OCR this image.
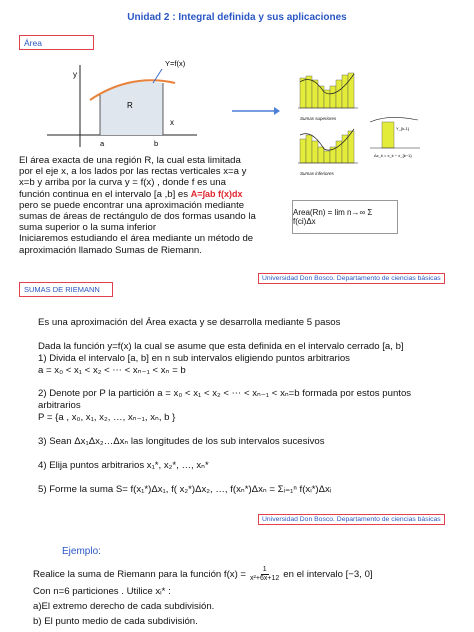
Unidad 2 : Integral definida y sus aplicaciones
Área
y
x
Y=f(x)
R
a	b
Sumas superiores
Sumas inferiores
Y_{k-1}
Δx_k = x_k − x_{k−1}
El área exacta de una región R, la cual esta limitada
por el eje x, a los lados por las rectas verticales x=a y
x=b y arriba por la curva y = f(x) , donde f es una
función continua en el intervalo [a ,b] es A=∫ab f(x)dx
pero se puede encontrar una aproximación mediante
sumas de áreas de rectángulo de dos formas usando la
suma superior o la suma inferior
Iniciaremos estudiando el área mediante un método de
aproximación llamado Sumas de Riemann.
Area(Rn) = lim n→∞ Σ f(ci)Δx
Universidad Don Bosco. Departamento de ciencias básicas
SUMAS DE RIEMANN
Es una aproximación del Área exacta y se desarrolla mediante 5 pasos
Dada la función y=f(x) la cual se asume que esta definida en el intervalo cerrado [a, b]
1) Divida el intervalo [a, b] en n sub intervalos eligiendo puntos arbitrarios
a = x₀ < x₁ < x₂ < ⋯ < xₙ₋₁ < xₙ = b
2) Denote por P la partición a = x₀ < x₁ < x₂ < ⋯ < xₙ₋₁ < xₙ=b formada por estos puntos
arbitrarios
P = {a , x₀, x₁, x₂, …, xₙ₋₁, xₙ, b }
3) Sean Δx₁Δx₂…Δxₙ las longitudes de los sub intervalos sucesivos
4) Elija puntos arbitrarios x₁*, x₂*, …, xₙ*
5) Forme la suma S= f(x₁*)Δx₁, f( x₂*)Δx₂, …, f(xₙ*)Δxₙ = Σᵢ₌₁ⁿ f(xᵢ*)Δxᵢ
Universidad Don Bosco. Departamento de ciencias básicas
Ejemplo:
Realice la suma de Riemann para la función $f(x) = \frac{1}{\text{x²+6x+12}}$ en el intervalo [−3, 0]
Con n=6 particiones . Utilice xᵢ* :
a)El extremo derecho de cada subdivisión.
b) El punto medio de cada subdivisión.
